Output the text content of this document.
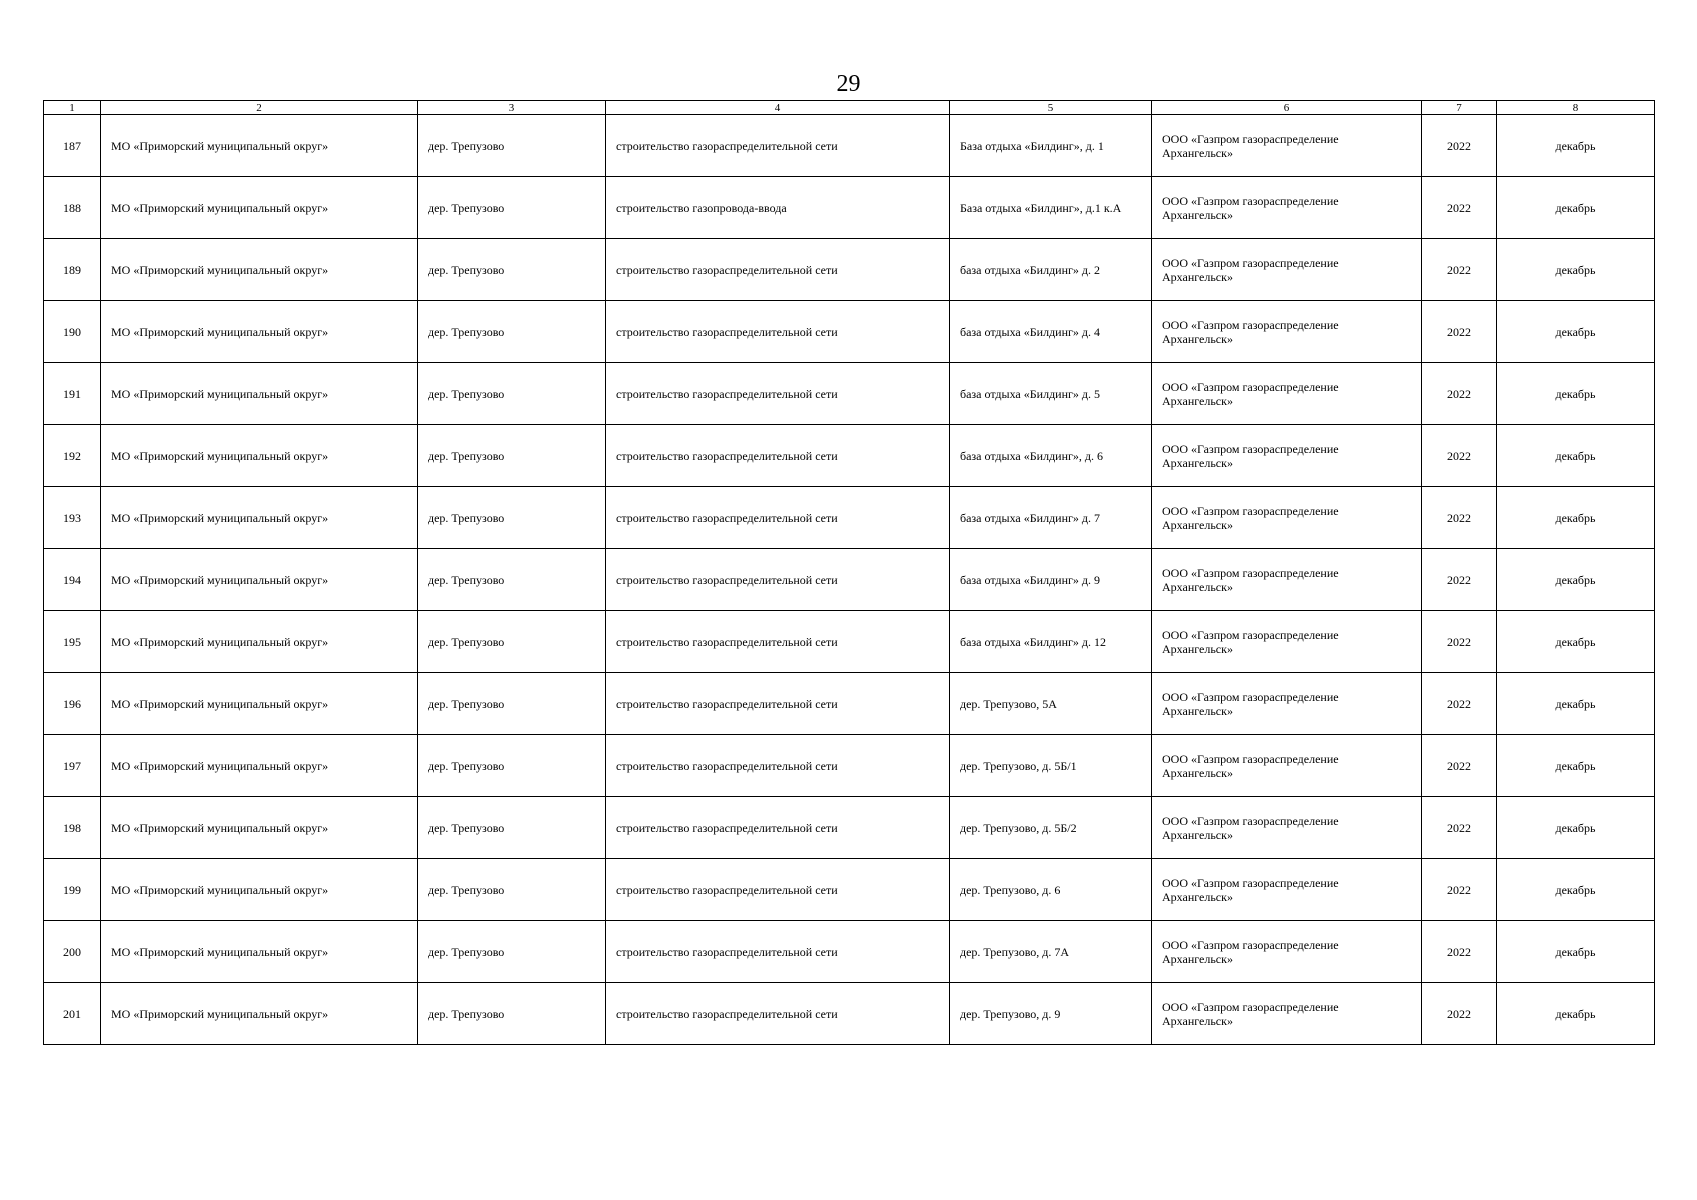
29
1	2	3	4	5	6	7	8
187	МО «Приморский муниципальный округ»	дер. Трепузово	строительство газораспределительной сети	База отдыха «Билдинг», д. 1	ООО «Газпром газораспределение Архангельск»	2022	декабрь
188	МО «Приморский муниципальный округ»	дер. Трепузово	строительство газопровода-ввода	База отдыха «Билдинг», д.1 к.А	ООО «Газпром газораспределение Архангельск»	2022	декабрь
189	МО «Приморский муниципальный округ»	дер. Трепузово	строительство газораспределительной сети	база отдыха «Билдинг» д. 2	ООО «Газпром газораспределение Архангельск»	2022	декабрь
190	МО «Приморский муниципальный округ»	дер. Трепузово	строительство газораспределительной сети	база отдыха «Билдинг» д. 4	ООО «Газпром газораспределение Архангельск»	2022	декабрь
191	МО «Приморский муниципальный округ»	дер. Трепузово	строительство газораспределительной сети	база отдыха «Билдинг» д. 5	ООО «Газпром газораспределение Архангельск»	2022	декабрь
192	МО «Приморский муниципальный округ»	дер. Трепузово	строительство газораспределительной сети	база отдыха «Билдинг», д. 6	ООО «Газпром газораспределение Архангельск»	2022	декабрь
193	МО «Приморский муниципальный округ»	дер. Трепузово	строительство газораспределительной сети	база отдыха «Билдинг» д. 7	ООО «Газпром газораспределение Архангельск»	2022	декабрь
194	МО «Приморский муниципальный округ»	дер. Трепузово	строительство газораспределительной сети	база отдыха «Билдинг» д. 9	ООО «Газпром газораспределение Архангельск»	2022	декабрь
195	МО «Приморский муниципальный округ»	дер. Трепузово	строительство газораспределительной сети	база отдыха «Билдинг» д. 12	ООО «Газпром газораспределение Архангельск»	2022	декабрь
196	МО «Приморский муниципальный округ»	дер. Трепузово	строительство газораспределительной сети	дер. Трепузово, 5А	ООО «Газпром газораспределение Архангельск»	2022	декабрь
197	МО «Приморский муниципальный округ»	дер. Трепузово	строительство газораспределительной сети	дер. Трепузово, д. 5Б/1	ООО «Газпром газораспределение Архангельск»	2022	декабрь
198	МО «Приморский муниципальный округ»	дер. Трепузово	строительство газораспределительной сети	дер. Трепузово, д. 5Б/2	ООО «Газпром газораспределение Архангельск»	2022	декабрь
199	МО «Приморский муниципальный округ»	дер. Трепузово	строительство газораспределительной сети	дер. Трепузово, д. 6	ООО «Газпром газораспределение Архангельск»	2022	декабрь
200	МО «Приморский муниципальный округ»	дер. Трепузово	строительство газораспределительной сети	дер. Трепузово, д. 7А	ООО «Газпром газораспределение Архангельск»	2022	декабрь
201	МО «Приморский муниципальный округ»	дер. Трепузово	строительство газораспределительной сети	дер. Трепузово, д. 9	ООО «Газпром газораспределение Архангельск»	2022	декабрь
